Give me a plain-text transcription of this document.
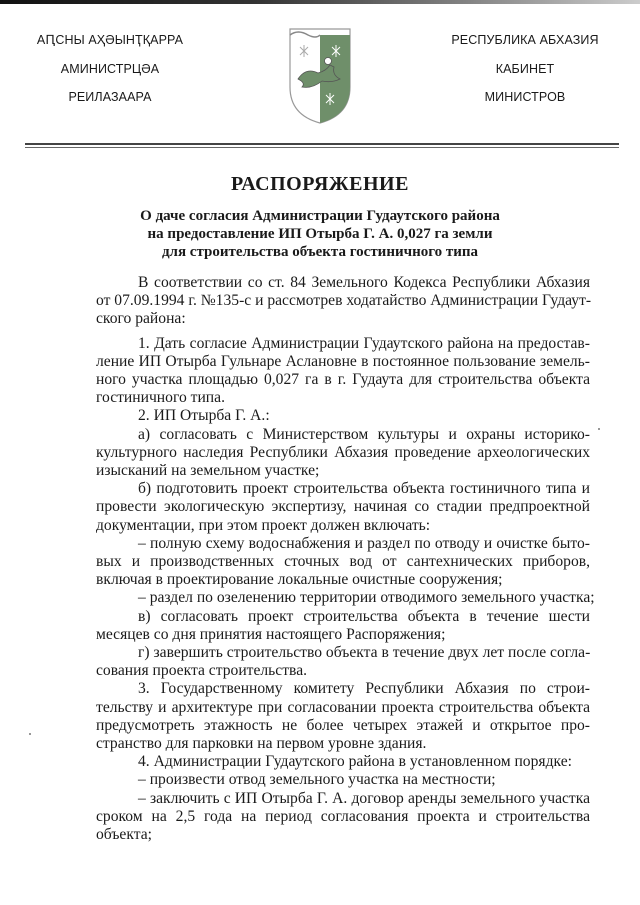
АԤСНЫ АҲӘЫНҬҚАРРА
АМИНИСТРЦӘА
РЕИЛАЗААРА
РЕСПУБЛИКА АБХАЗИЯ
КАБИНЕТ
МИНИСТРОВ
РАСПОРЯЖЕНИЕ
О даче согласия Администрации Гудаутского района
на предоставление ИП Отырба Г. А. 0,027 га земли
для строительства объекта гостиничного типа
В соответствии со ст. 84 Земельного Кодекса Республики Абхазия
от 07.09.1994 г. №135-с и рассмотрев ходатайство Администрации Гудаут-
ского района:
1. Дать согласие Администрации Гудаутского района на предостав-
ление ИП Отырба Гульнаре Аслановне в постоянное пользование земель-
ного участка площадью 0,027 га в г. Гудаута для строительства объекта
гостиничного типа.
2. ИП Отырба Г. А.:
а) согласовать с Министерством культуры и охраны историко-
культурного наследия Республики Абхазия проведение археологических
изысканий на земельном участке;
б) подготовить проект строительства объекта гостиничного типа и
провести экологическую экспертизу, начиная со стадии предпроектной
документации, при этом проект должен включать:
– полную схему водоснабжения и раздел по отводу и очистке быто-
вых и производственных сточных вод от сантехнических приборов,
включая в проектирование локальные очистные сооружения;
– раздел по озеленению территории отводимого земельного участка;
в) согласовать проект строительства объекта в течение шести
месяцев со дня принятия настоящего Распоряжения;
г) завершить строительство объекта в течение двух лет после согла-
сования проекта строительства.
3. Государственному комитету Республики Абхазия по строи-
тельству и архитектуре при согласовании проекта строительства объекта
предусмотреть этажность не более четырех этажей и открытое про-
странство для парковки на первом уровне здания.
4. Администрации Гудаутского района в установленном порядке:
– произвести отвод земельного участка на местности;
– заключить с ИП Отырба Г. А. договор аренды земельного участка
сроком на 2,5 года на период согласования проекта и строительства
объекта;
